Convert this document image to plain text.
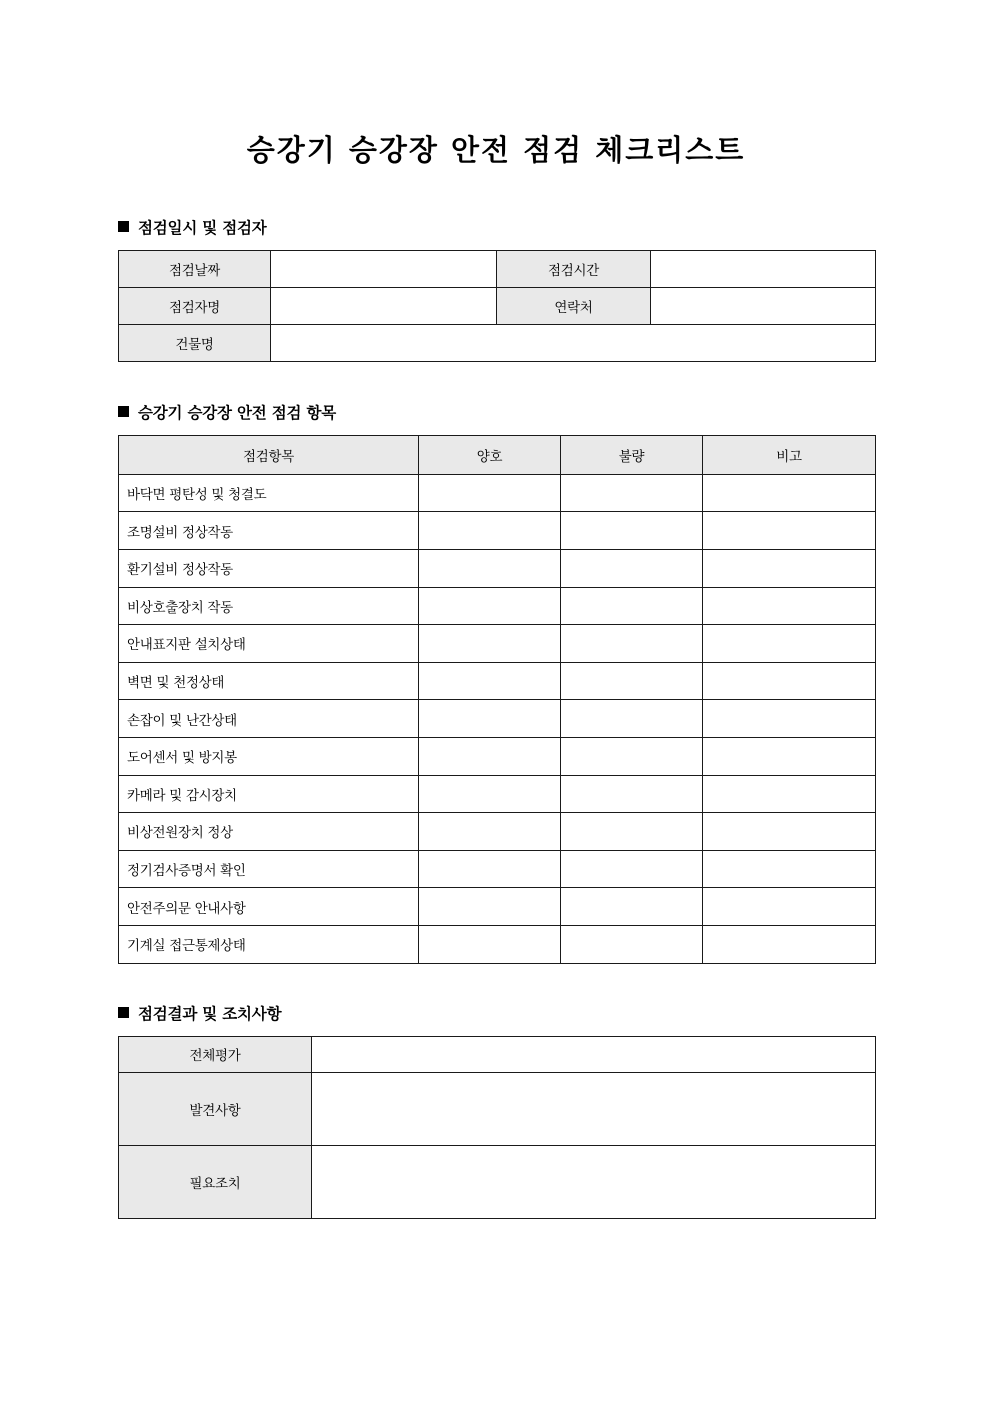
승강기 승강장 안전 점검 체크리스트
점검일시 및 점검자
점검날짜		점검시간	
점검자명		연락처	
건물명			
승강기 승강장 안전 점검 항목
점검항목	양호	불량	비고
바닥면 평탄성 및 청결도			
조명설비 정상작동			
환기설비 정상작동			
비상호출장치 작동			
안내표지판 설치상태			
벽면 및 천정상태			
손잡이 및 난간상태			
도어센서 및 방지봉			
카메라 및 감시장치			
비상전원장치 정상			
정기검사증명서 확인			
안전주의문 안내사항			
기계실 접근통제상태			
점검결과 및 조치사항
전체평가	
발견사항	
필요조치	
